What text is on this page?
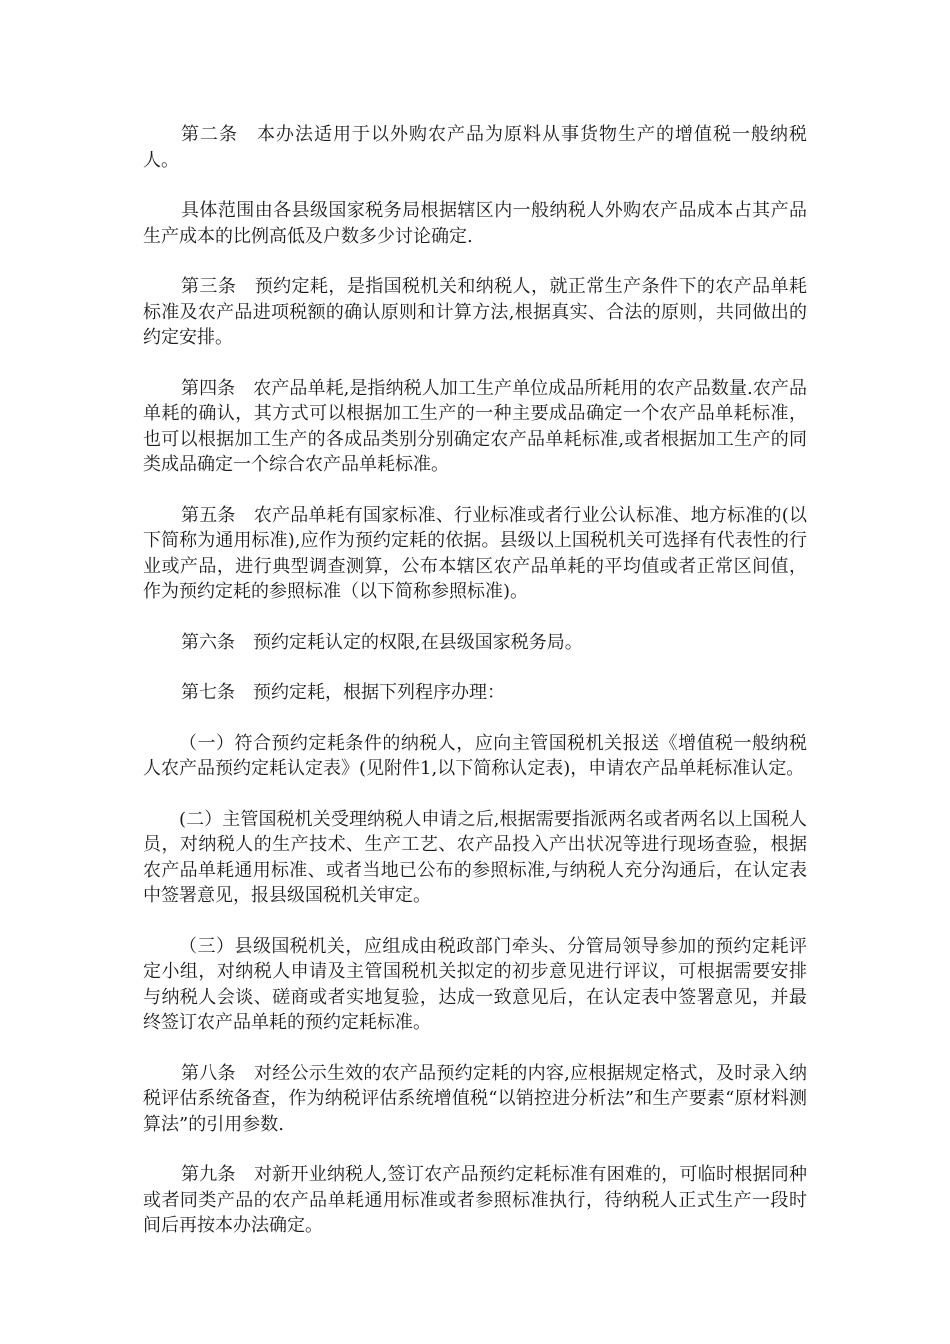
第二条　本办法适用于以外购农产品为原料从事货物生产的增值税一般纳税人。

具体范围由各县级国家税务局根据辖区内一般纳税人外购农产品成本占其产品生产成本的比例高低及户数多少讨论确定.

第三条　预约定耗，是指国税机关和纳税人，就正常生产条件下的农产品单耗标准及农产品进项税额的确认原则和计算方法,根据真实、合法的原则，共同做出的约定安排。

第四条　农产品单耗,是指纳税人加工生产单位成品所耗用的农产品数量.农产品单耗的确认，其方式可以根据加工生产的一种主要成品确定一个农产品单耗标准，也可以根据加工生产的各成品类别分别确定农产品单耗标准,或者根据加工生产的同类成品确定一个综合农产品单耗标准。

第五条　农产品单耗有国家标准、行业标准或者行业公认标准、地方标准的(以下简称为通用标准),应作为预约定耗的依据。县级以上国税机关可选择有代表性的行业或产品，进行典型调查测算，公布本辖区农产品单耗的平均值或者正常区间值，作为预约定耗的参照标准（以下简称参照标准)。

第六条　预约定耗认定的权限,在县级国家税务局。

第七条　预约定耗，根据下列程序办理：

（一）符合预约定耗条件的纳税人，应向主管国税机关报送《增值税一般纳税人农产品预约定耗认定表》(见附件1,以下简称认定表)，申请农产品单耗标准认定。

(二）主管国税机关受理纳税人申请之后,根据需要指派两名或者两名以上国税人员，对纳税人的生产技术、生产工艺、农产品投入产出状况等进行现场查验，根据农产品单耗通用标准、或者当地已公布的参照标准,与纳税人充分沟通后，在认定表中签署意见，报县级国税机关审定。

（三）县级国税机关，应组成由税政部门牵头、分管局领导参加的预约定耗评定小组，对纳税人申请及主管国税机关拟定的初步意见进行评议，可根据需要安排与纳税人会谈、磋商或者实地复验，达成一致意见后，在认定表中签署意见，并最终签订农产品单耗的预约定耗标准。

第八条　对经公示生效的农产品预约定耗的内容,应根据规定格式，及时录入纳税评估系统备查，作为纳税评估系统增值税“以销控进分析法”和生产要素“原材料测算法”的引用参数.

第九条　对新开业纳税人,签订农产品预约定耗标准有困难的，可临时根据同种或者同类产品的农产品单耗通用标准或者参照标准执行，待纳税人正式生产一段时间后再按本办法确定。
